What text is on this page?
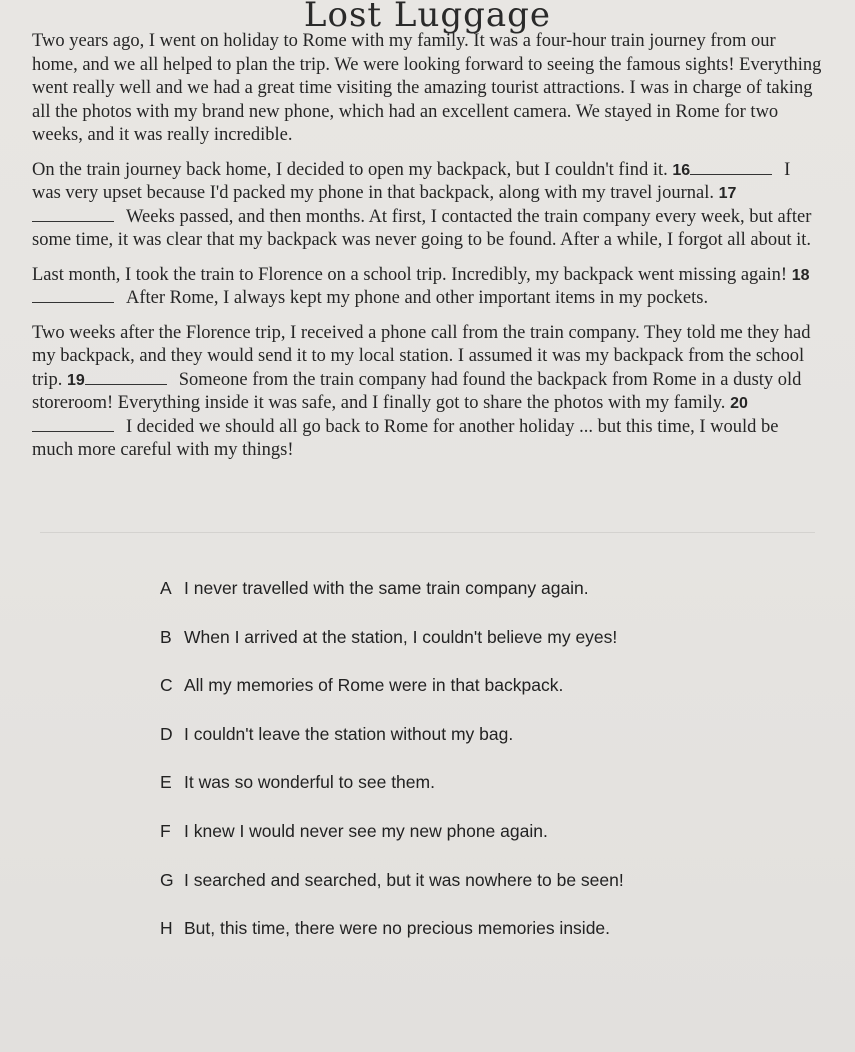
Lost Luggage

Two years ago, I went on holiday to Rome with my family. It was a four-hour train journey from our home, and we all helped to plan the trip. We were looking forward to seeing the famous sights! Everything went really well and we had a great time visiting the amazing tourist attractions. I was in charge of taking all the photos with my brand new phone, which had an excellent camera. We stayed in Rome for two weeks, and it was really incredible.

On the train journey back home, I decided to open my backpack, but I couldn't find it. 16	I was very upset because I'd packed my phone in that backpack, along with my travel journal. 17Weeks passed, and then months. At first, I contacted the train company every week, but after some time, it was clear that my backpack was never going to be found. After a while, I forgot all about it.

Last month, I took the train to Florence on a school trip. Incredibly, my backpack went missing again! 18After Rome, I always kept my phone and other important items in my pockets.

Two weeks after the Florence trip, I received a phone call from the train company. They told me they had my backpack, and they would send it to my local station. I assumed it was my backpack from the school trip. 19	Someone from the train company had found the backpack from Rome in a dusty old storeroom! Everything inside it was safe, and I finally got to share the photos with my family. 20I decided we should all go back to Rome for another holiday ... but this time, I would be much more careful with my things!

A I never travelled with the same train company again.
B When I arrived at the station, I couldn't believe my eyes!
C All my memories of Rome were in that backpack.
D I couldn't leave the station without my bag.
E It was so wonderful to see them.
F I knew I would never see my new phone again.
G I searched and searched, but it was nowhere to be seen!
H But, this time, there were no precious memories inside.
